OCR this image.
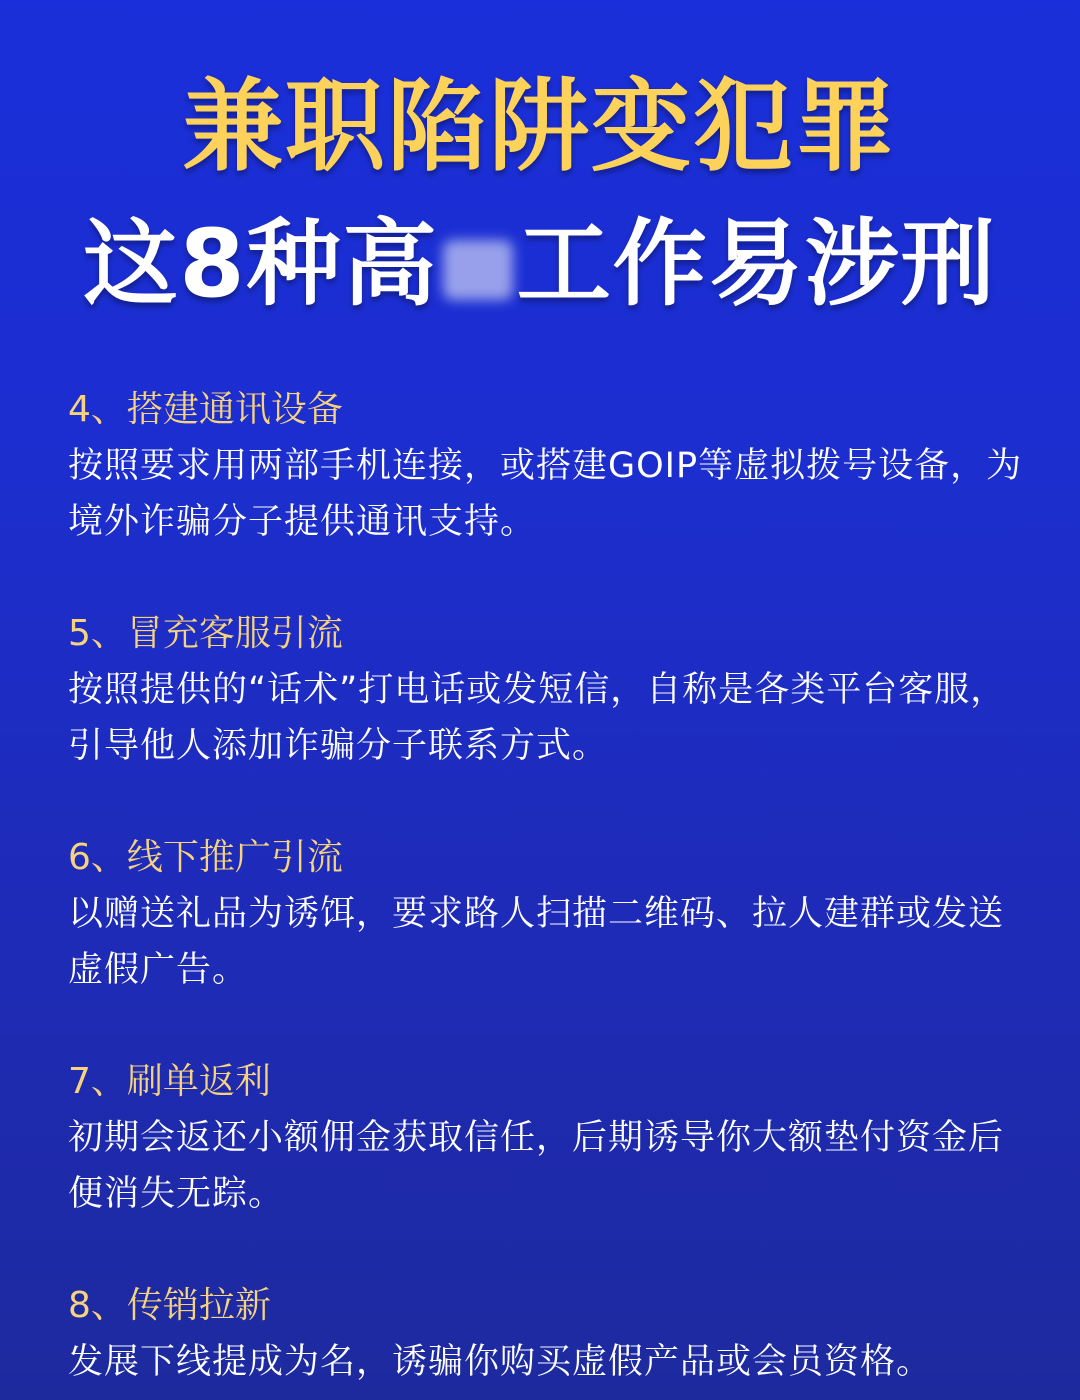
兼职陷阱变犯罪
这8种高 工作易涉刑
4、搭建通讯设备
按照要求用两部手机连接，或搭建GOIP等虚拟拨号设备，为境外诈骗分子提供通讯支持。
5、冒充客服引流
按照提供的“话术”打电话或发短信，自称是各类平台客服，引导他人添加诈骗分子联系方式。
6、线下推广引流
以赠送礼品为诱饵，要求路人扫描二维码、拉人建群或发送虚假广告。
7、刷单返利
初期会返还小额佣金获取信任，后期诱导你大额垫付资金后便消失无踪。
8、传销拉新
发展下线提成为名，诱骗你购买虚假产品或会员资格。
